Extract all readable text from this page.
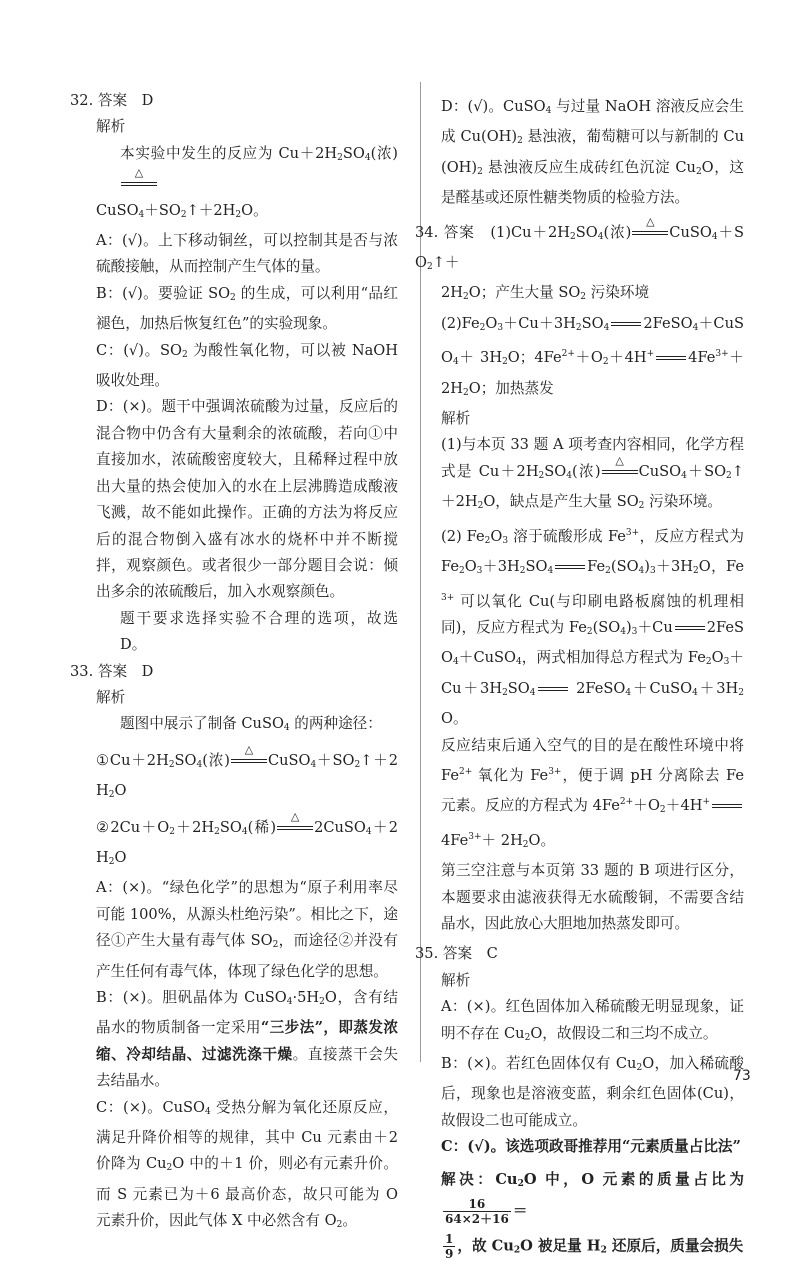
32. 答案　D

解析

本实验中发生的反应为 $Cu+2H_2SO_4$(浓)
△

$CuSO_4+SO_2↑+2H_2O$。

A：(√)。上下移动铜丝，可以控制其是否与浓硫酸接触，从而控制产生气体的量。

B：(√)。要验证 $SO_2$ 的生成，可以利用“品红褪色，加热后恢复红色”的实验现象。

C：(√)。$SO_2$ 为酸性氧化物，可以被 NaOH 吸收处理。

D：(×)。题干中强调浓硫酸为过量，反应后的混合物中仍含有大量剩余的浓硫酸，若向①中直接加水，浓硫酸密度较大，且稀释过程中放出大量的热会使加入的水在上层沸腾造成酸液飞溅，故不能如此操作。正确的方法为将反应后的混合物倒入盛有冰水的烧杯中并不断搅拌，观察颜色。或者很少一部分题目会说：倾出多余的浓硫酸后，加入水观察颜色。

题干要求选择实验不合理的选项，故选 D。

33. 答案　D

解析

题图中展示了制备 CuSO$_4$ 的两种途径：

$①Cu+2H_2SO_4$(浓)
△
$CuSO_4+SO_2↑+2H_2O$

$②2Cu+O_2+2H_2SO_4$(稀)
△
$2CuSO_4+2H_2O$

A：(×)。“绿色化学”的思想为“原子利用率尽可能 100%，从源头杜绝污染”。相比之下，途径①产生大量有毒气体 $SO_2$，而途径②并没有产生任何有毒气体，体现了绿色化学的思想。

B：(×)。胆矾晶体为 $CuSO_4\cdot 5H_2O$，含有结晶水的物质制备一定采用“三步法”，即蒸发浓缩、冷却结晶、过滤洗涤干燥。直接蒸干会失去结晶水。

C：(×)。CuSO$_4$ 受热分解为氧化还原反应，满足升降价相等的规律，其中 Cu 元素由＋2 价降为 $Cu_2O$ 中的＋1 价，则必有元素升价。而 S 元素已为＋6 最高价态，故只可能为 O 元素升价，因此气体 X 中必然含有 $O_2$。

D：(√)。CuSO$_4$ 与过量 NaOH 溶液反应会生成 $Cu(OH)_2$ 悬浊液，葡萄糖可以与新制的 $Cu(OH)_2$ 悬浊液反应生成砖红色沉淀 $Cu_2O$，这是醛基或还原性糖类物质的检验方法。

34. 答案　 $(1)Cu+2H_2SO_4$(浓)
△
$CuSO_4+SO_2↑+$

$2H_2O$；产生大量 $SO_2$ 污染环境

$(2)Fe_2O_3+Cu+3H_2SO_4$ 2FeSO$_4$＋CuSO$_4$＋ $3H_2O$；$4Fe^{2+}+O_2+4H^+$ $4Fe^{3+}+2H_2O$；加热蒸发

解析

(1)与本页 33 题 A 项考查内容相同，化学方程式是 $Cu+2H_2SO_4$(浓)
△
$CuSO_4+SO_2↑+2H_2O$，缺点是产生大量 $SO_2$ 污染环境。

(2) $Fe_2O_3$ 溶于硫酸形成 $Fe^{3+}$，反应方程式为 $Fe_2O_3+3H_2SO_4$ $Fe_2(SO_4)_3+3H_2O$，$Fe^{3+}$ 可以氧化 Cu(与印刷电路板腐蚀的机理相同)，反应方程式为 $Fe_2(SO_4)_3+Cu$ 2FeSO$_4$＋CuSO$_4$，两式相加得总方程式为 $Fe_2O_3+Cu+3H_2SO_4$	$2FeSO_4+CuSO_4+3H_2O$。

反应结束后通入空气的目的是在酸性环境中将 $Fe^{2+}$ 氧化为 $Fe^{3+}$，便于调 pH 分离除去 Fe 元素。反应的方程式为 $4Fe^{2+}+O_2+4H^+$
$4Fe^{3+}+ 2H_2O$。

第三空注意与本页第 33 题的 B 项进行区分，本题要求由滤液获得无水硫酸铜，不需要含结晶水，因此放心大胆地加热蒸发即可。

35. 答案　C

解析

A：(×)。红色固体加入稀硫酸无明显现象，证明不存在 $Cu_2O$，故假设二和三均不成立。

B：(×)。若红色固体仅有 $Cu_2O$，加入稀硫酸后，现象也是溶液变蓝，剩余红色固体(Cu)，故假设二也可能成立。

C：(√)。该选项政哥推荐用“元素质量占比法”

解决：$Cu_2O$ 中，O 元素的质量占比为
$\frac{16}{64\times 2+16}$ ＝

$\frac{1}{9}$ ，故 $Cu_2O$ 被足量 $H_2$ 还原后，质量会损失

73
